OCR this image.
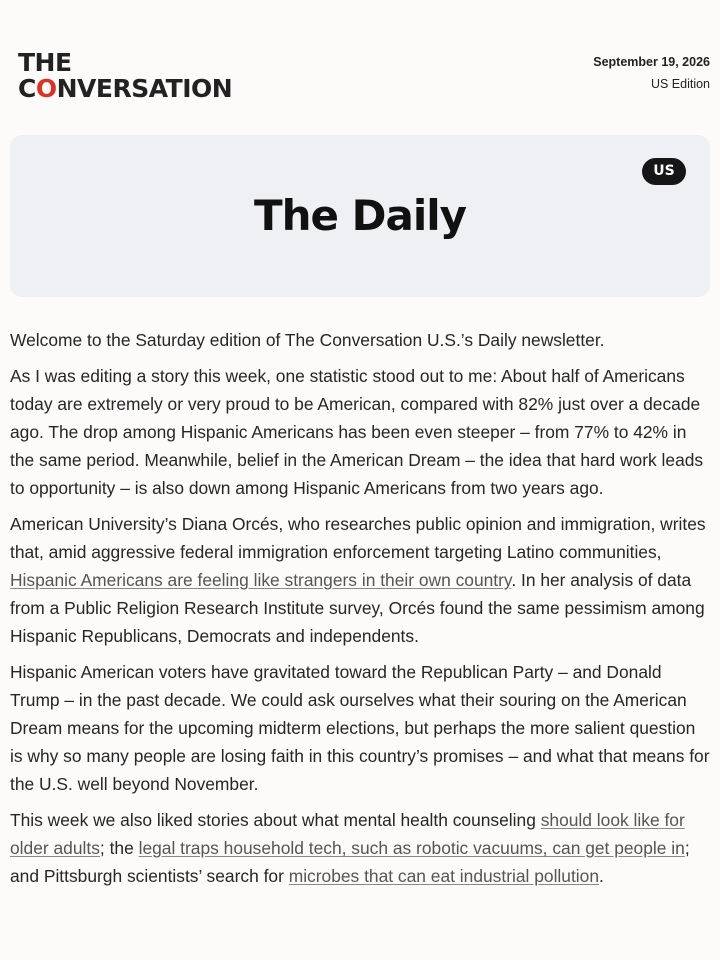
THE
CONVERSATION
September 19, 2026
US Edition
US
The Daily

Welcome to the Saturday edition of The Conversation U.S.’s Daily newsletter.

As I was editing a story this week, one statistic stood out to me: About half of Americans today are extremely or very proud to be American, compared with 82% just over a decade ago. The drop among Hispanic Americans has been even steeper – from 77% to 42% in the same period. Meanwhile, belief in the American Dream – the idea that hard work leads to opportunity – is also down among Hispanic Americans from two years ago.

American University’s Diana Orcés, who researches public opinion and immigration, writes that, amid aggressive federal immigration enforcement targeting Latino communities, Hispanic Americans are feeling like strangers in their own country. In her analysis of data from a Public Religion Research Institute survey, Orcés found the same pessimism among Hispanic Republicans, Democrats and independents.

Hispanic American voters have gravitated toward the Republican Party – and Donald Trump – in the past decade. We could ask ourselves what their souring on the American Dream means for the upcoming midterm elections, but perhaps the more salient question is why so many people are losing faith in this country’s promises – and what that means for the U.S. well beyond November.

This week we also liked stories about what mental health counseling should look like for older adults; the legal traps household tech, such as robotic vacuums, can get people in; and Pittsburgh scientists’ search for microbes that can eat industrial pollution.
